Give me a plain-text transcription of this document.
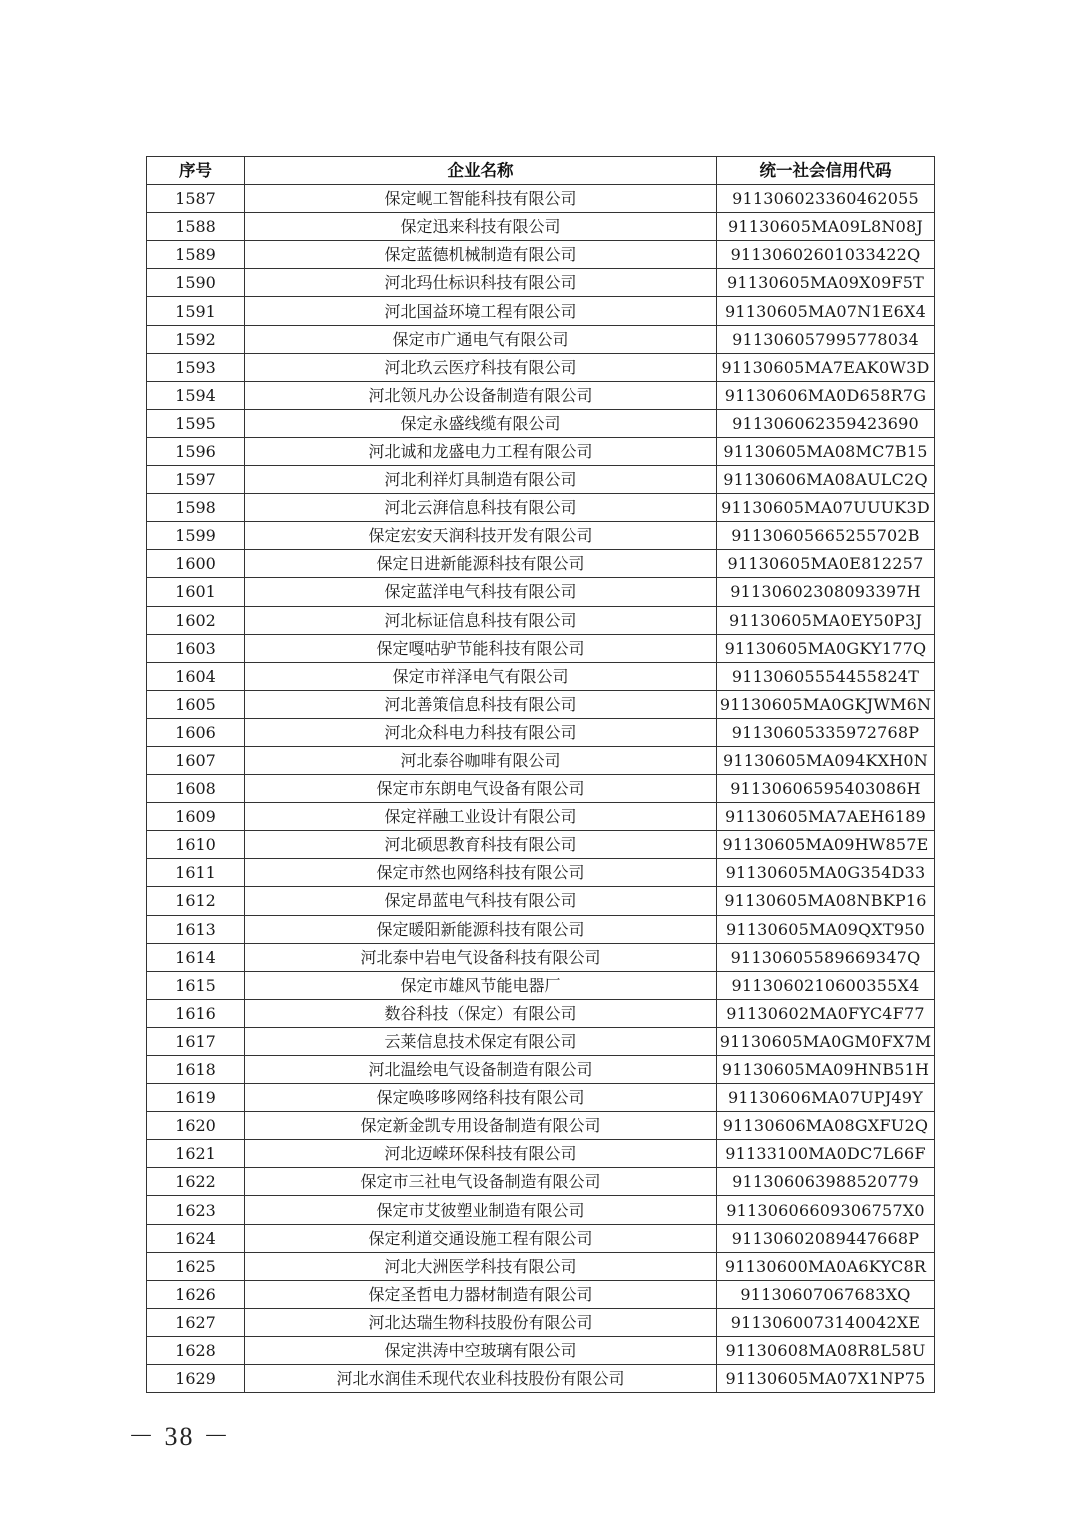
序号	企业名称	统一社会信用代码
1587	保定岘工智能科技有限公司	911306023360462055
1588	保定迅来科技有限公司	91130605MA09L8N08J
1589	保定蓝德机械制造有限公司	91130602601033422Q
1590	河北玛仕标识科技有限公司	91130605MA09X09F5T
1591	河北国益环境工程有限公司	91130605MA07N1E6X4
1592	保定市广通电气有限公司	911306057995778034
1593	河北玖云医疗科技有限公司	91130605MA7EAK0W3D
1594	河北领凡办公设备制造有限公司	91130606MA0D658R7G
1595	保定永盛线缆有限公司	911306062359423690
1596	河北诚和龙盛电力工程有限公司	91130605MA08MC7B15
1597	河北利祥灯具制造有限公司	91130606MA08AULC2Q
1598	河北云湃信息科技有限公司	91130605MA07UUUK3D
1599	保定宏安天润科技开发有限公司	91130605665255702B
1600	保定日进新能源科技有限公司	91130605MA0E812257
1601	保定蓝洋电气科技有限公司	91130602308093397H
1602	河北标证信息科技有限公司	91130605MA0EY50P3J
1603	保定嘎咕驴节能科技有限公司	91130605MA0GKY177Q
1604	保定市祥泽电气有限公司	91130605554455824T
1605	河北善策信息科技有限公司	91130605MA0GKJWM6N
1606	河北众科电力科技有限公司	91130605335972768P
1607	河北泰谷咖啡有限公司	91130605MA094KXH0N
1608	保定市东朗电气设备有限公司	91130606595403086H
1609	保定祥融工业设计有限公司	91130605MA7AEH6189
1610	河北硕思教育科技有限公司	91130605MA09HW857E
1611	保定市然也网络科技有限公司	91130605MA0G354D33
1612	保定昂蓝电气科技有限公司	91130605MA08NBKP16
1613	保定暖阳新能源科技有限公司	91130605MA09QXT950
1614	河北泰中岩电气设备科技有限公司	91130605589669347Q
1615	保定市雄风节能电器厂	9113060210600355X4
1616	数谷科技（保定）有限公司	91130602MA0FYC4F77
1617	云莱信息技术保定有限公司	91130605MA0GM0FX7M
1618	河北温绘电气设备制造有限公司	91130605MA09HNB51H
1619	保定唤哆哆网络科技有限公司	91130606MA07UPJ49Y
1620	保定新金凯专用设备制造有限公司	91130606MA08GXFU2Q
1621	河北迈嵘环保科技有限公司	91133100MA0DC7L66F
1622	保定市三社电气设备制造有限公司	911306063988520779
1623	保定市艾彼塑业制造有限公司	91130606609306757X0
1624	保定利道交通设施工程有限公司	91130602089447668P
1625	河北大洲医学科技有限公司	91130600MA0A6KYC8R
1626	保定圣哲电力器材制造有限公司	91130607067683XQ
1627	河北达瑞生物科技股份有限公司	911306007314004​2XE
1628	保定洪涛中空玻璃有限公司	91130608MA08R8L58U
1629	河北水润佳禾现代农业科技股份有限公司	91130605MA07X1NP75
－ 38 －
